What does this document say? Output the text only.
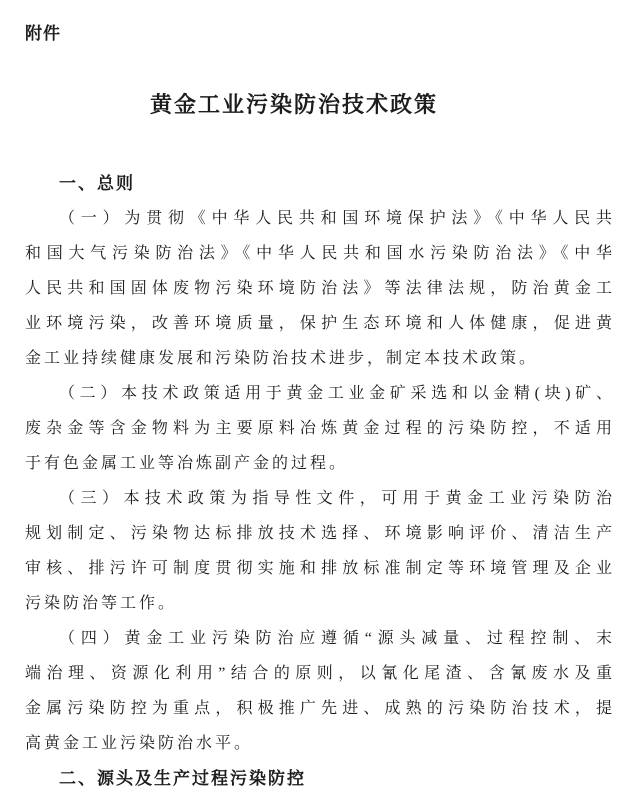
附件
黄金工业污染防治技术政策
一、总则
（一）为贯彻《中华人民共和国环境保护法》《中华人民共
和国大气污染防治法》《中华人民共和国水污染防治法》《中华
人民共和国固体废物污染环境防治法》等法律法规，防治黄金工
业环境污染，改善环境质量，保护生态环境和人体健康，促进黄
金工业持续健康发展和污染防治技术进步，制定本技术政策。
（二）本技术政策适用于黄金工业金矿采选和以金精(块)矿、
废杂金等含金物料为主要原料冶炼黄金过程的污染防控，不适用
于有色金属工业等冶炼副产金的过程。
（三）本技术政策为指导性文件，可用于黄金工业污染防治
规划制定、污染物达标排放技术选择、环境影响评价、清洁生产
审核、排污许可制度贯彻实施和排放标准制定等环境管理及企业
污染防治等工作。
（四）黄金工业污染防治应遵循“源头减量、过程控制、末
端治理、资源化利用”结合的原则，以氰化尾渣、含氰废水及重
金属污染防控为重点，积极推广先进、成熟的污染防治技术，提
高黄金工业污染防治水平。
二、源头及生产过程污染防控
